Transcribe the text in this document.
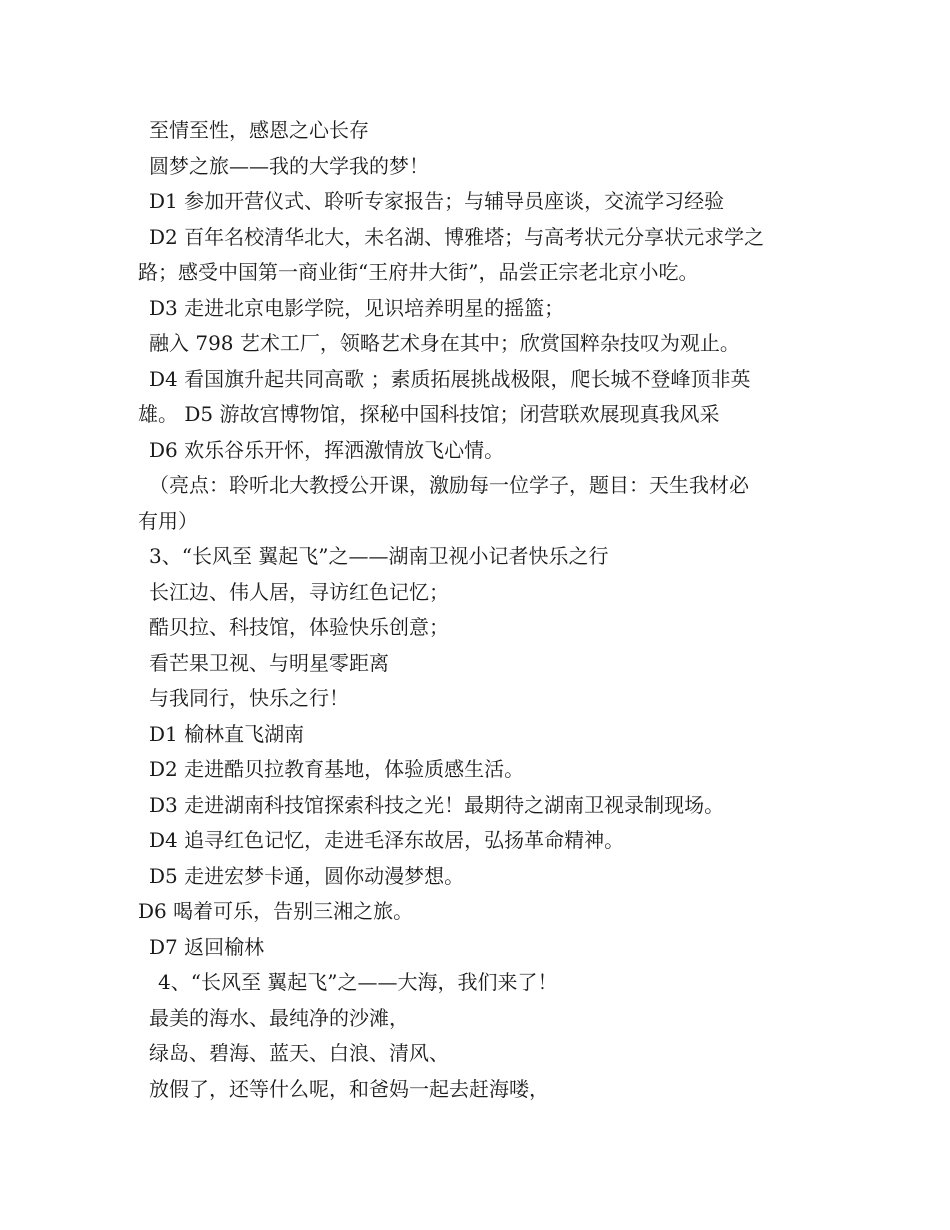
至情至性，感恩之心长存
圆梦之旅——我的大学我的梦！
D1 参加开营仪式、聆听专家报告；与辅导员座谈，交流学习经验
D2 百年名校清华北大，未名湖、博雅塔；与高考状元分享状元求学之
路；感受中国第一商业街“王府井大街”，品尝正宗老北京小吃。
D3 走进北京电影学院，见识培养明星的摇篮；
融入 798 艺术工厂，领略艺术身在其中；欣赏国粹杂技叹为观止。
D4 看国旗升起共同高歌 ；素质拓展挑战极限，爬长城不登峰顶非英
雄。 D5 游故宫博物馆，探秘中国科技馆；闭营联欢展现真我风采
D6 欢乐谷乐开怀，挥洒激情放飞心情。
（亮点：聆听北大教授公开课，激励每一位学子，题目：天生我材必
有用）
3、“长风至 翼起飞”之——湖南卫视小记者快乐之行
长江边、伟人居，寻访红色记忆；
酷贝拉、科技馆，体验快乐创意；
看芒果卫视、与明星零距离
与我同行，快乐之行！
D1 榆林直飞湖南
D2 走进酷贝拉教育基地，体验质感生活。
D3 走进湖南科技馆探索科技之光！最期待之湖南卫视录制现场。
D4 追寻红色记忆，走进毛泽东故居，弘扬革命精神。
D5 走进宏梦卡通，圆你动漫梦想。
D6 喝着可乐，告别三湘之旅。
D7 返回榆林
4、“长风至 翼起飞”之——大海，我们来了！
最美的海水、最纯净的沙滩，
绿岛、碧海、蓝天、白浪、清风、
放假了，还等什么呢，和爸妈一起去赶海喽，
